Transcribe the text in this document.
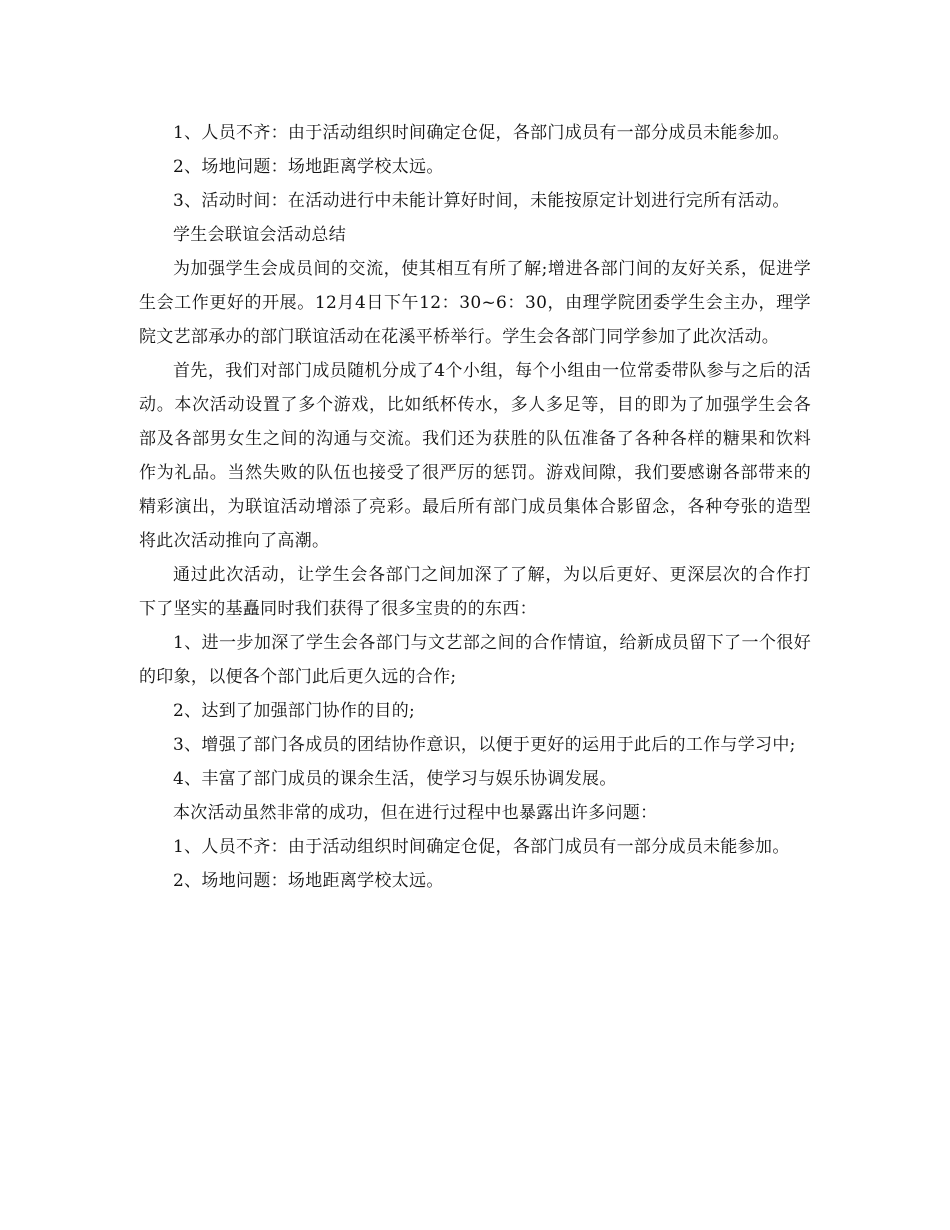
1、人员不齐：由于活动组织时间确定仓促，各部门成员有一部分成员未能参加。

2、场地问题：场地距离学校太远。

3、活动时间：在活动进行中未能计算好时间，未能按原定计划进行完所有活动。

学生会联谊会活动总结

为加强学生会成员间的交流，使其相互有所了解;增进各部门间的友好关系，促进学生会工作更好的开展。12月4日下午12：30~6：30，由理学院团委学生会主办，理学院文艺部承办的部门联谊活动在花溪平桥举行。学生会各部门同学参加了此次活动。

首先，我们对部门成员随机分成了4个小组，每个小组由一位常委带队参与之后的活动。本次活动设置了多个游戏，比如纸杯传水，多人多足等，目的即为了加强学生会各部及各部男女生之间的沟通与交流。我们还为获胜的队伍准备了各种各样的糖果和饮料作为礼品。当然失败的队伍也接受了很严厉的惩罚。游戏间隙，我们要感谢各部带来的精彩演出，为联谊活动增添了亮彩。最后所有部门成员集体合影留念，各种夸张的造型将此次活动推向了高潮。

通过此次活动，让学生会各部门之间加深了了解，为以后更好、更深层次的合作打下了坚实的基矗同时我们获得了很多宝贵的的东西：

1、进一步加深了学生会各部门与文艺部之间的合作情谊，给新成员留下了一个很好的印象，以便各个部门此后更久远的合作;

2、达到了加强部门协作的目的;

3、增强了部门各成员的团结协作意识，以便于更好的运用于此后的工作与学习中;

4、丰富了部门成员的课余生活，使学习与娱乐协调发展。

本次活动虽然非常的成功，但在进行过程中也暴露出许多问题：

1、人员不齐：由于活动组织时间确定仓促，各部门成员有一部分成员未能参加。

2、场地问题：场地距离学校太远。
